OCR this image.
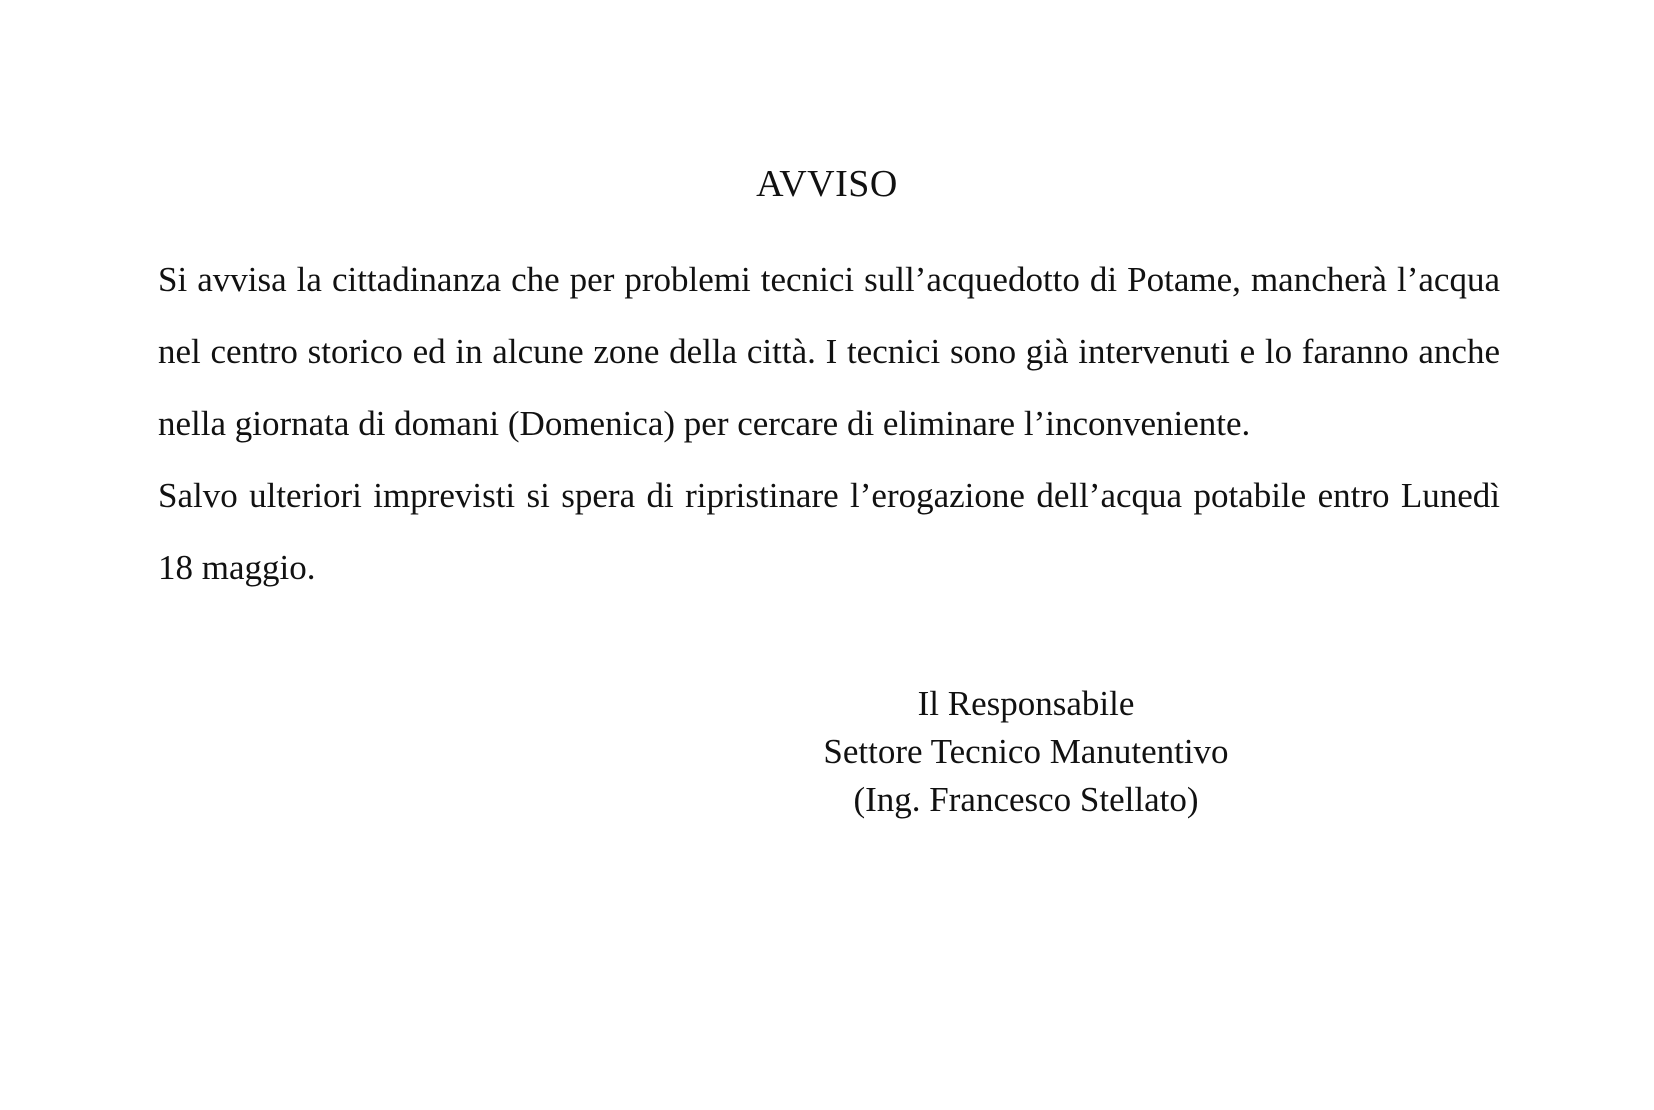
AVVISO

Si avvisa la cittadinanza che per problemi tecnici sull’acquedotto di Potame, mancherà l’acqua nel centro storico ed in alcune zone della città. I tecnici sono già intervenuti e lo faranno anche nella giornata di domani (Domenica) per cercare di eliminare l’inconveniente.

Salvo ulteriori imprevisti si spera di ripristinare l’erogazione dell’acqua potabile entro Lunedì 18 maggio.

Il Responsabile
Settore Tecnico Manutentivo
(Ing. Francesco Stellato)
